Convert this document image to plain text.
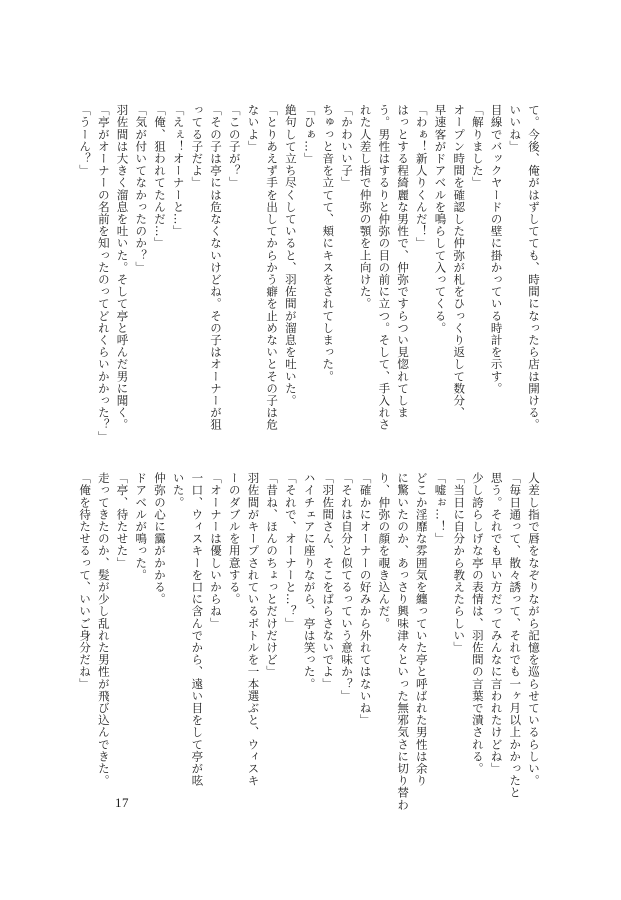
て。今後、俺がはずしてても、時間になったら店は開ける。
いいね」
目線でバックヤードの壁に掛かっている時計を示す。
「解りました」
オープン時間を確認した仲弥が札をひっくり返して数分、
早速客がドアベルを鳴らして入ってくる。
「わぁ！新人りくんだ！」
はっとする程綺麗な男性で、仲弥ですらつい見惚れてしま
う。男性はするりと仲弥の目の前に立つ。そして、手入れさ
れた人差し指で仲弥の顎を上向けた。
「かわいい子」
ちゅっと音を立てて、頬にキスをされてしまった。
「ひぁ…」
絶句して立ち尽くしていると、羽佐間が溜息を吐いた。
「とりあえず手を出してからかう癖を止めないとその子は危
ないよ」
「この子が？」
「その子は亭には危なくないけどね。その子はオーナーが狙
ってる子だよ」
「えぇ！オーナーと…」
「俺、狙われてたんだ…」
「気が付いてなかったのか？」
羽佐間は大きく溜息を吐いた。そして亭と呼んだ男に聞く。
「亭がオーナーの名前を知ったのってどれくらいかかった？」
「うーん？」
人差し指で唇をなぞりながら記憶を巡らせているらしい。
「毎日通って、散々誘って、それでも一ヶ月以上かかったと
思う。それでも早い方だってみんなに言われたけどね」
少し誇らしげな亭の表情は、羽佐間の言葉で潰される。
「当日に自分から教えたらしい」
「嘘ぉ…！」
どこか淫靡な雰囲気を纏っていた亭と呼ばれた男性は余り
に驚いたのか、あっさり興味津々といった無邪気さに切り替わ
り、仲弥の顔を覗き込んだ。
「確かにオーナーの好みから外れてはないね」
「それは自分と似てるっていう意味か？」
「羽佐間さん、そこをばらさないでよ」
ハイチェアに座りながら、亭は笑った。
「それで、オーナーと…？」
「昔ね、ほんのちょっとだけだけど」
羽佐間がキープされているボトルを一本選ぶと、ウィスキ
ーのダブルを用意する。
「オーナーは優しいからね」
一口、ウィスキーを口に含んでから、遠い目をして亭が呟
いた。
仲弥の心に靄がかかる。
ドアベルが鳴った。
「亭、待たせた」
走ってきたのか、髪が少し乱れた男性が飛び込んできた。
「俺を待たせるって、いいご身分だね」
17
